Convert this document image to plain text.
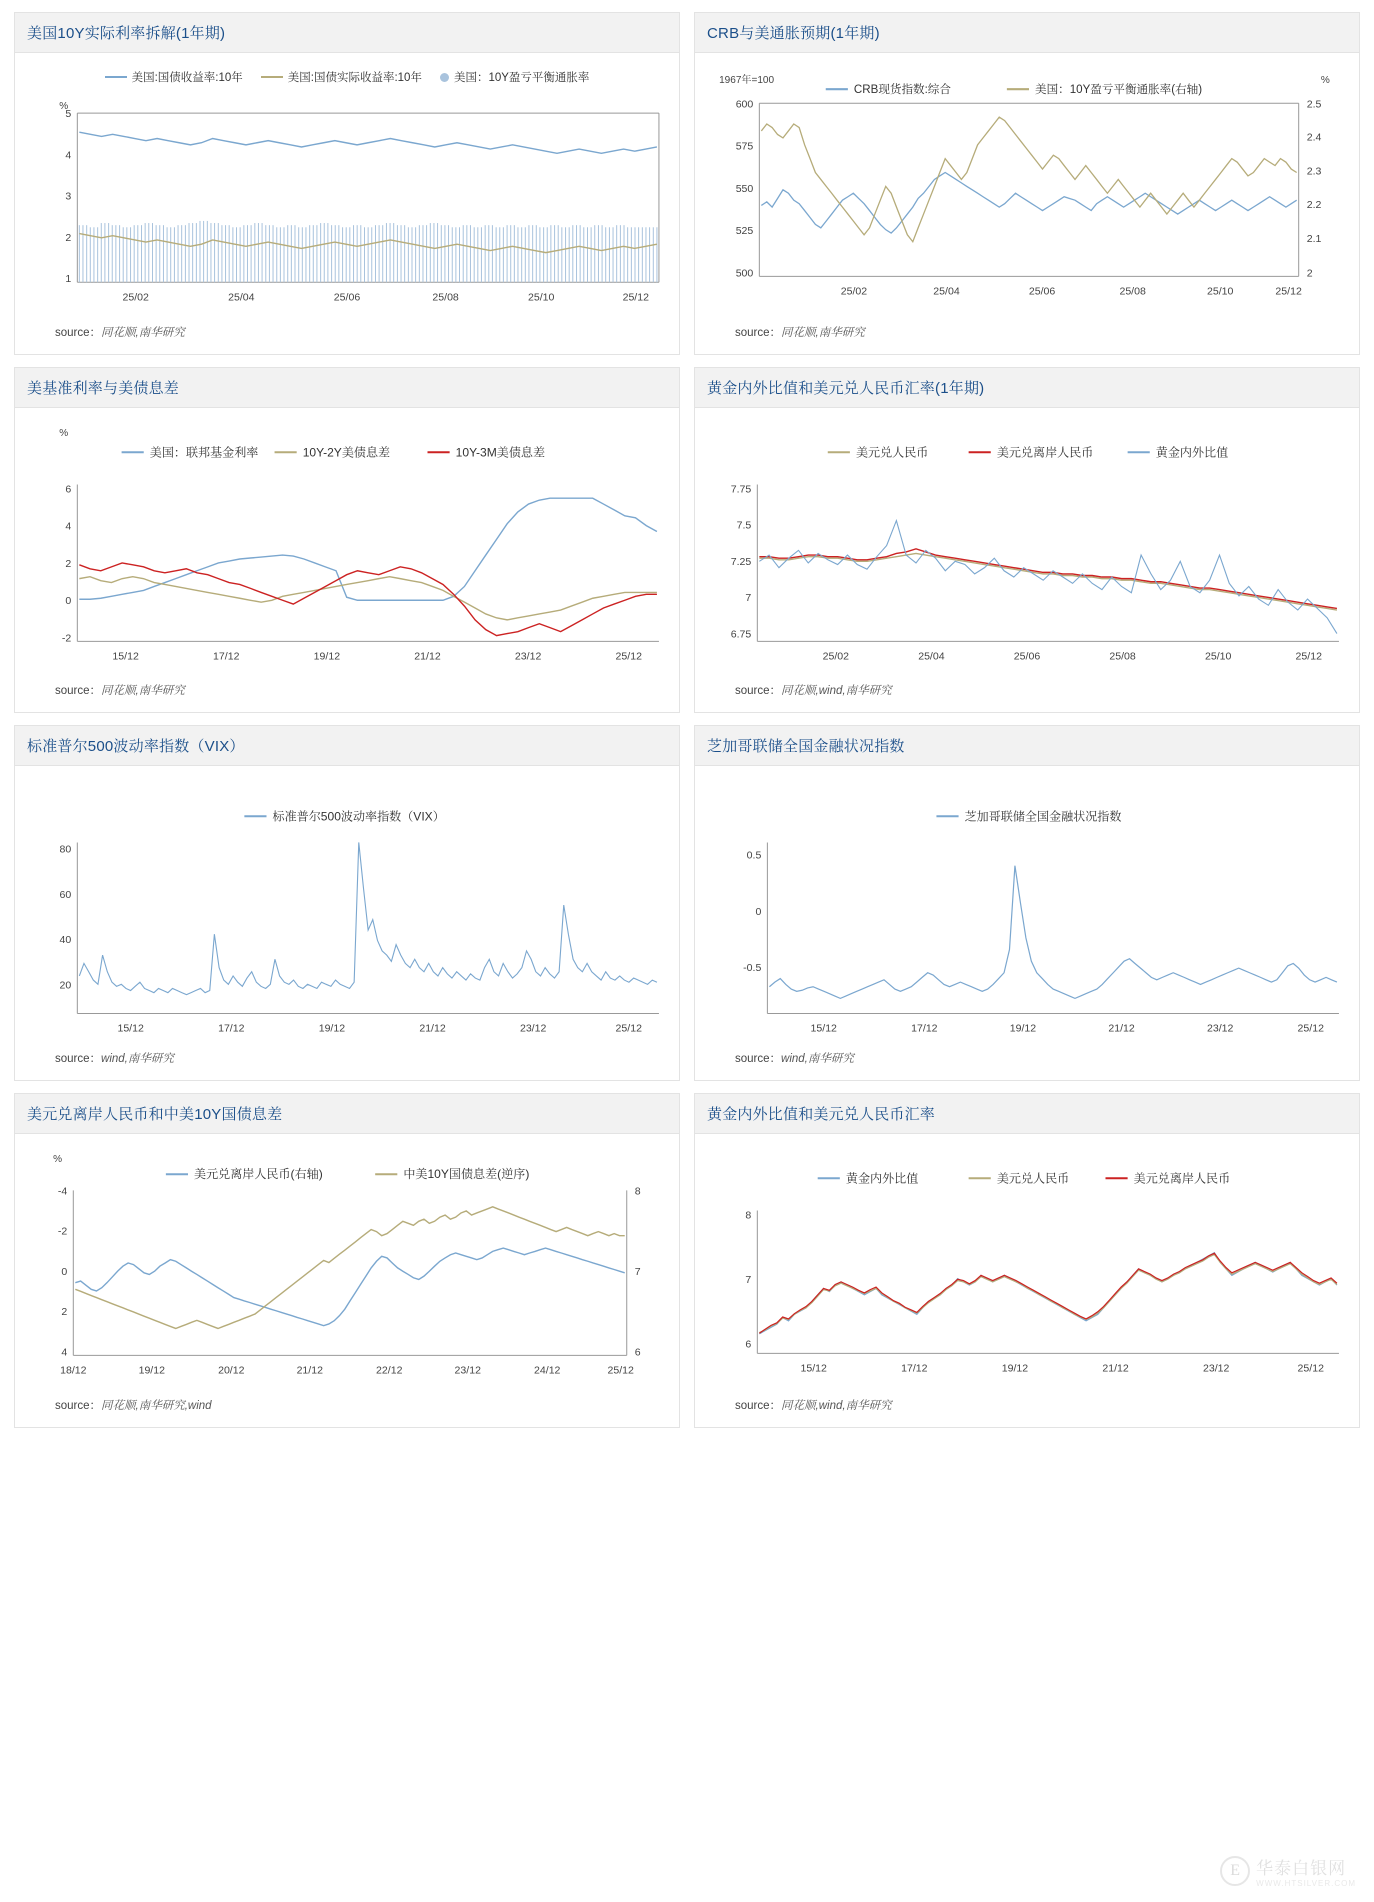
美国10Y实际利率拆解(1年期)
美国:国债收益率:10年	美国:国债实际收益率:10年	美国：10Y盈亏平衡通胀率
%
5
4
3
2
1
25/02	25/04	25/06	25/08	25/10	25/12
source：同花顺,南华研究
CRB与美通胀预期(1年期)
1967年=100	%
CRB现货指数:综合	美国：10Y盈亏平衡通胀率(右轴)
600
575
550
525
500
2.5
2.4
2.3
2.2
2.1
2
25/02	25/04	25/06	25/08	25/10	25/12
source：同花顺,南华研究
美基准利率与美债息差
%
美国：联邦基金利率	10Y-2Y美债息差	10Y-3M美债息差
6
4
2
0
-2
15/12	17/12	19/12	21/12	23/12	25/12
source：同花顺,南华研究
黄金内外比值和美元兑人民币汇率(1年期)
美元兑人民币	美元兑离岸人民币	黄金内外比值
7.75
7.5
7.25
7
6.75
25/02	25/04	25/06	25/08	25/10	25/12
source：同花顺,wind,南华研究
标准普尔500波动率指数（VIX）
标准普尔500波动率指数（VIX）
80
60
40
20
15/12	17/12	19/12	21/12	23/12	25/12
source：wind,南华研究
芝加哥联储全国金融状况指数
芝加哥联储全国金融状况指数
0.5
0
-0.5
15/12	17/12	19/12	21/12	23/12	25/12
source：wind,南华研究
美元兑离岸人民币和中美10Y国债息差
%
美元兑离岸人民币(右轴)	中美10Y国债息差(逆序)
-4
-2
0
2
4
8
7
6
18/12	19/12	20/12	21/12	22/12	23/12	24/12	25/12
source：同花顺,南华研究,wind
黄金内外比值和美元兑人民币汇率
黄金内外比值	美元兑人民币	美元兑离岸人民币
8
7
6
15/12	17/12	19/12	21/12	23/12	25/12
source：同花顺,wind,南华研究
E 华泰白银网
WWW.HTSILVER.COM
